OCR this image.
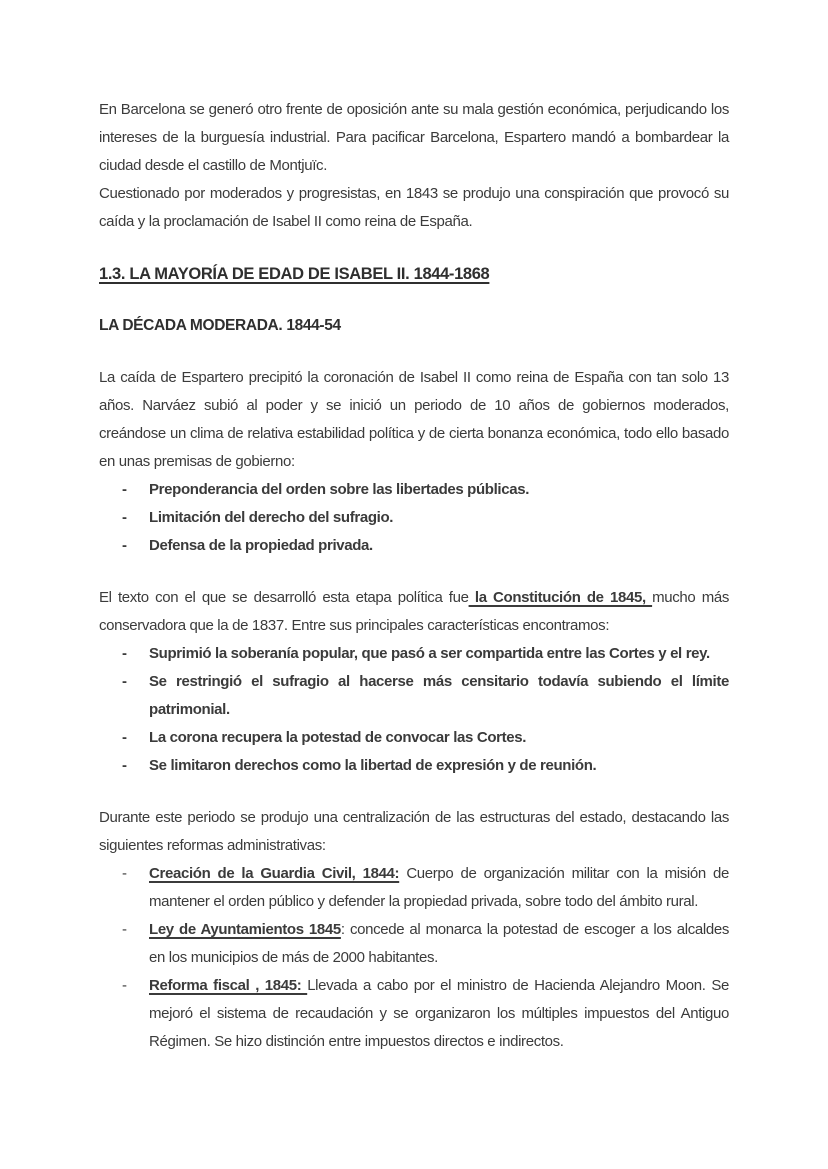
En Barcelona se generó otro frente de oposición ante su mala gestión económica, perjudicando los intereses de la burguesía industrial. Para pacificar Barcelona, Espartero mandó a bombardear la ciudad desde el castillo de Montjuïc.

Cuestionado por moderados y progresistas, en 1843 se produjo una conspiración que provocó su caída y la proclamación de Isabel II como reina de España.

1.3. LA MAYORÍA DE EDAD DE ISABEL II. 1844-1868
LA DÉCADA MODERADA. 1844-54

La caída de Espartero precipitó la coronación de Isabel II como reina de España con tan solo 13 años. Narváez subió al poder y se inició un periodo de 10 años de gobiernos moderados, creándose un clima de relativa estabilidad política y de cierta bonanza económica, todo ello basado en unas premisas de gobierno:

- Preponderancia del orden sobre las libertades públicas.
- Limitación del derecho del sufragio.
- Defensa de la propiedad privada.

El texto con el que se desarrolló esta etapa política fue la Constitución de 1845, mucho más conservadora que la de 1837. Entre sus principales características encontramos:

- Suprimió la soberanía popular, que pasó a ser compartida entre las Cortes y el rey.
- Se restringió el sufragio al hacerse más censitario todavía subiendo el límite patrimonial.
- La corona recupera la potestad de convocar las Cortes.
- Se limitaron derechos como la libertad de expresión y de reunión.

Durante este periodo se produjo una centralización de las estructuras del estado, destacando las siguientes reformas administrativas:

- Creación de la Guardia Civil, 1844: Cuerpo de organización militar con la misión de mantener el orden público y defender la propiedad privada, sobre todo del ámbito rural.
- Ley de Ayuntamientos 1845: concede al monarca la potestad de escoger a los alcaldes en los municipios de más de 2000 habitantes.
- Reforma fiscal , 1845: Llevada a cabo por el ministro de Hacienda Alejandro Moon. Se mejoró el sistema de recaudación y se organizaron los múltiples impuestos del Antiguo Régimen. Se hizo distinción entre impuestos directos e indirectos.
